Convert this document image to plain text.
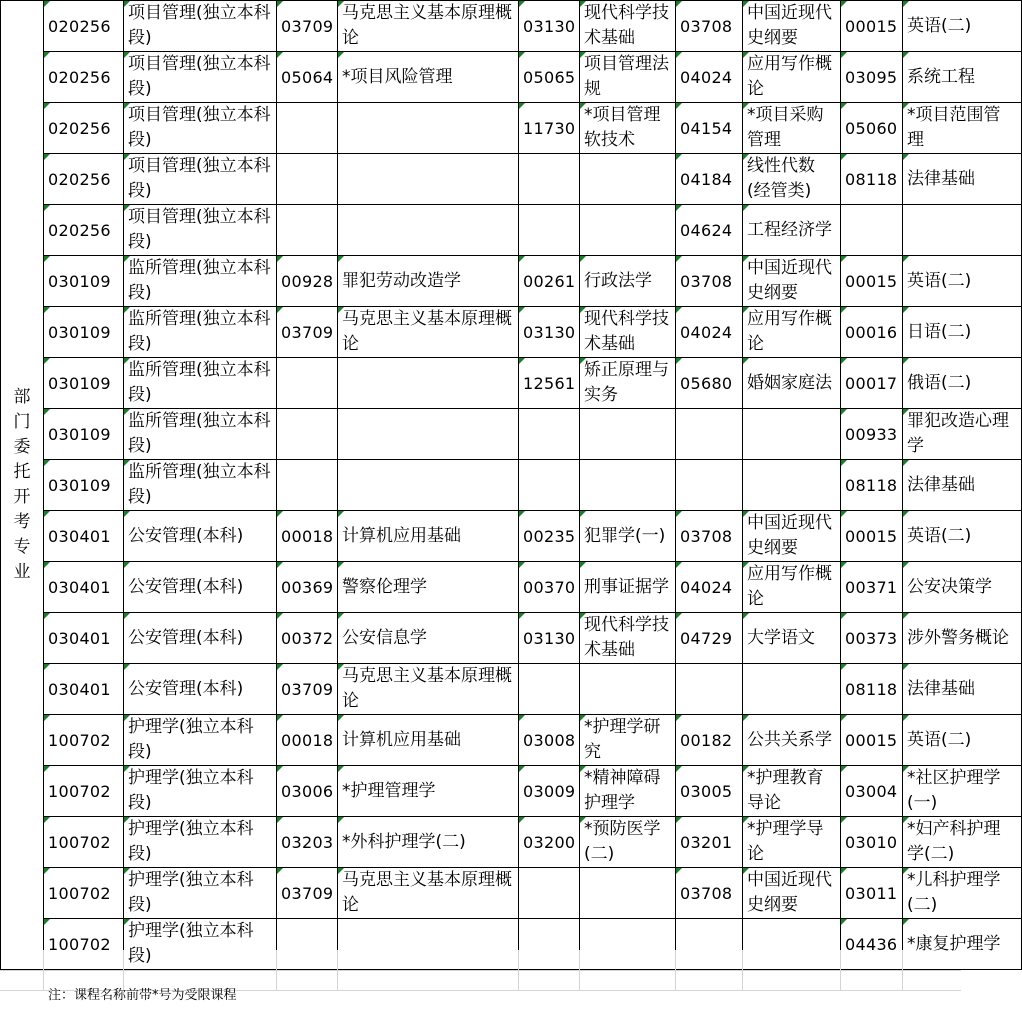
部门委托开考专业	020256	项目管理(独立本科段)	03709	马克思主义基本原理概论	03130	现代科学技术基础	03708	中国近现代史纲要	00015	英语(二)
	020256	项目管理(独立本科段)	05064	*项目风险管理	05065	项目管理法规	04024	应用写作概论	03095	系统工程
	020256	项目管理(独立本科段)			11730	*项目管理软技术	04154	*项目采购管理	05060	*项目范围管理
	020256	项目管理(独立本科段)					04184	线性代数(经管类)	08118	法律基础
	020256	项目管理(独立本科段)					04624	工程经济学		
	030109	监所管理(独立本科段)	00928	罪犯劳动改造学	00261	行政法学	03708	中国近现代史纲要	00015	英语(二)
	030109	监所管理(独立本科段)	03709	马克思主义基本原理概论	03130	现代科学技术基础	04024	应用写作概论	00016	日语(二)
	030109	监所管理(独立本科段)			12561	矫正原理与实务	05680	婚姻家庭法	00017	俄语(二)
	030109	监所管理(独立本科段)							00933	罪犯改造心理学
	030109	监所管理(独立本科段)							08118	法律基础
	030401	公安管理(本科)	00018	计算机应用基础	00235	犯罪学(一)	03708	中国近现代史纲要	00015	英语(二)
	030401	公安管理(本科)	00369	警察伦理学	00370	刑事证据学	04024	应用写作概论	00371	公安决策学
	030401	公安管理(本科)	00372	公安信息学	03130	现代科学技术基础	04729	大学语文	00373	涉外警务概论
	030401	公安管理(本科)	03709	马克思主义基本原理概论					08118	法律基础
	100702	护理学(独立本科段)	00018	计算机应用基础	03008	*护理学研究	00182	公共关系学	00015	英语(二)
	100702	护理学(独立本科段)	03006	*护理管理学	03009	*精神障碍护理学	03005	*护理教育导论	03004	*社区护理学(一)
	100702	护理学(独立本科段)	03203	*外科护理学(二)	03200	*预防医学(二)	03201	*护理学导论	03010	*妇产科护理学(二)
	100702	护理学(独立本科段)	03709	马克思主义基本原理概论			03708	中国近现代史纲要	03011	*儿科护理学(二)
	100702	护理学(独立本科段)							04436	*康复护理学
注：课程名称前带*号为受限课程
